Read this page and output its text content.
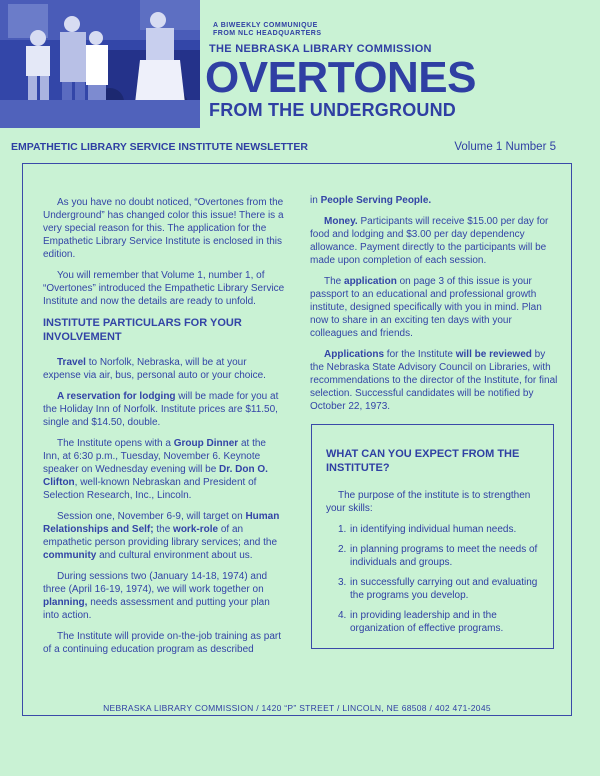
A BIWEEKLY COMMUNIQUE
FROM NLC HEADQUARTERS
THE NEBRASKA LIBRARY COMMISSION
OVERTONES
FROM THE UNDERGROUND
EMPATHETIC LIBRARY SERVICE INSTITUTE NEWSLETTER	Volume 1 Number 5

As you have no doubt noticed, “Overtones from the Underground” has changed color this issue! There is a very special reason for this. The application for the Empathetic Library Service Institute is enclosed in this edition.

You will remember that Volume 1, number 1, of “Overtones” introduced the Empathetic Library Service Institute and now the details are ready to unfold.

INSTITUTE PARTICULARS FOR YOUR INVOLVEMENT

Travel to Norfolk, Nebraska, will be at your expense via air, bus, personal auto or your choice.

A reservation for lodging will be made for you at the Holiday Inn of Norfolk. Institute prices are $11.50, single and $14.50, double.

The Institute opens with a Group Dinner at the Inn, at 6:30 p.m., Tuesday, November 6. Keynote speaker on Wednesday evening will be Dr. Don O. Clifton, well-known Nebraskan and President of Selection Research, Inc., Lincoln.

Session one, November 6-9, will target on Human Relationships and Self; the work-role of an empathetic person providing library services; and the community and cultural environment about us.

During sessions two (January 14-18, 1974) and three (April 16-19, 1974), we will work together on planning, needs assessment and putting your plan into action.

The Institute will provide on-the-job training as part of a continuing education program as described

in People Serving People.

Money. Participants will receive $15.00 per day for food and lodging and $3.00 per day dependency allowance. Payment directly to the participants will be made upon completion of each session.

The application on page 3 of this issue is your passport to an educational and professional growth institute, designed specifically with you in mind. Plan now to share in an exciting ten days with your colleagues and friends.

Applications for the Institute will be reviewed by the Nebraska State Advisory Council on Libraries, with recommendations to the director of the Institute, for final selection. Successful candidates will be notified by October 22, 1973.

WHAT CAN YOU EXPECT FROM THE INSTITUTE?

The purpose of the institute is to strengthen your skills:

1. in identifying individual human needs.
2. in planning programs to meet the needs of individuals and groups.
3. in successfully carrying out and evaluating the programs you develop.
4. in providing leadership and in the organization of effective programs.
NEBRASKA LIBRARY COMMISSION / 1420 “P” STREET / LINCOLN, NE 68508 / 402 471-2045
